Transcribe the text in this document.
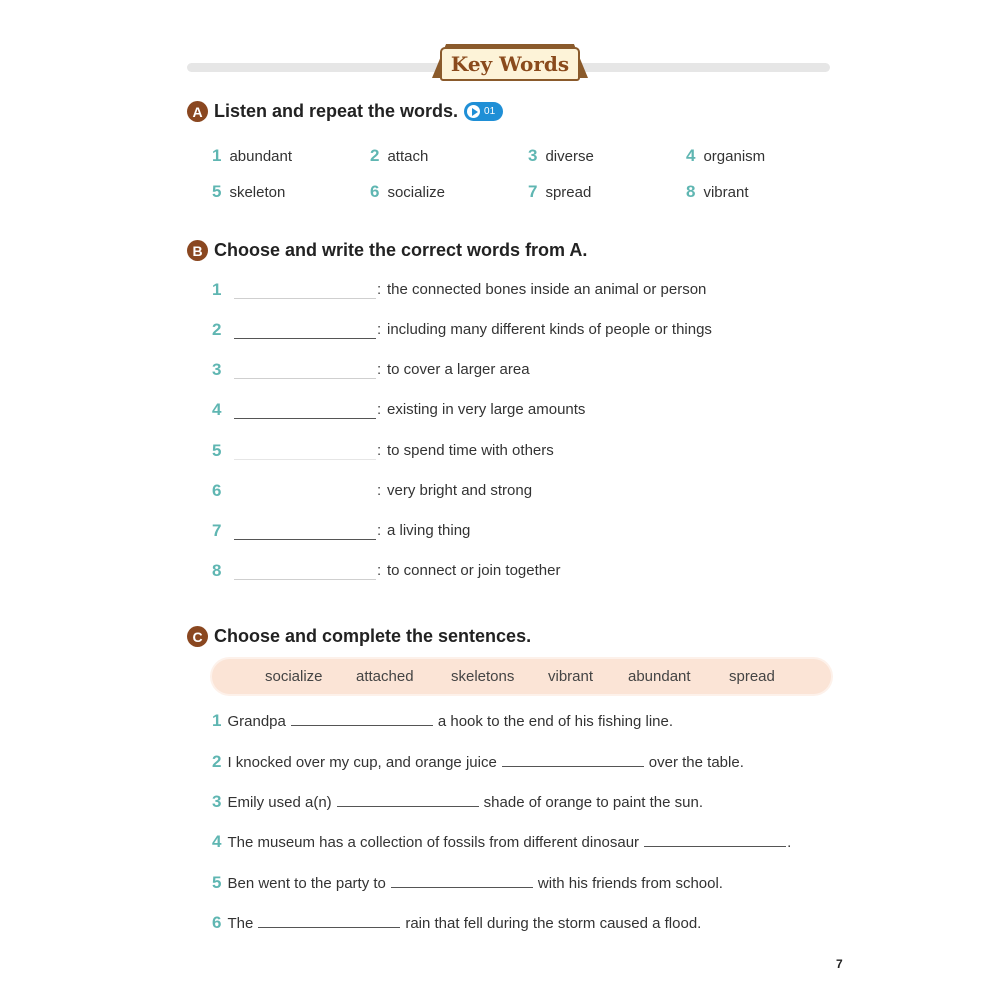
Key Words
A Listen and repeat the words.	01
1 abundant	2 attach	3 diverse	4 organism
5 skeleton	6 socialize	7 spread	8 vibrant
B Choose and write the correct words from A.
1	: the connected bones inside an animal or person
2	: including many different kinds of people or things
3	: to cover a larger area
4	: existing in very large amounts
5	: to spend time with others
6	: very bright and strong
7	: a living thing
8	: to connect or join together
C Choose and complete the sentences.
socialize attached skeletons vibrant abundant	spread
1 Grandpa	a hook to the end of his fishing line.
2 I knocked over my cup, and orange juice	over the table.
3 Emily used a(n)	shade of orange to paint the sun.
4 The museum has a collection of fossils from different dinosaur	.
5 Ben went to the party to	with his friends from school.
6 The	rain that fell during the storm caused a flood.
7
